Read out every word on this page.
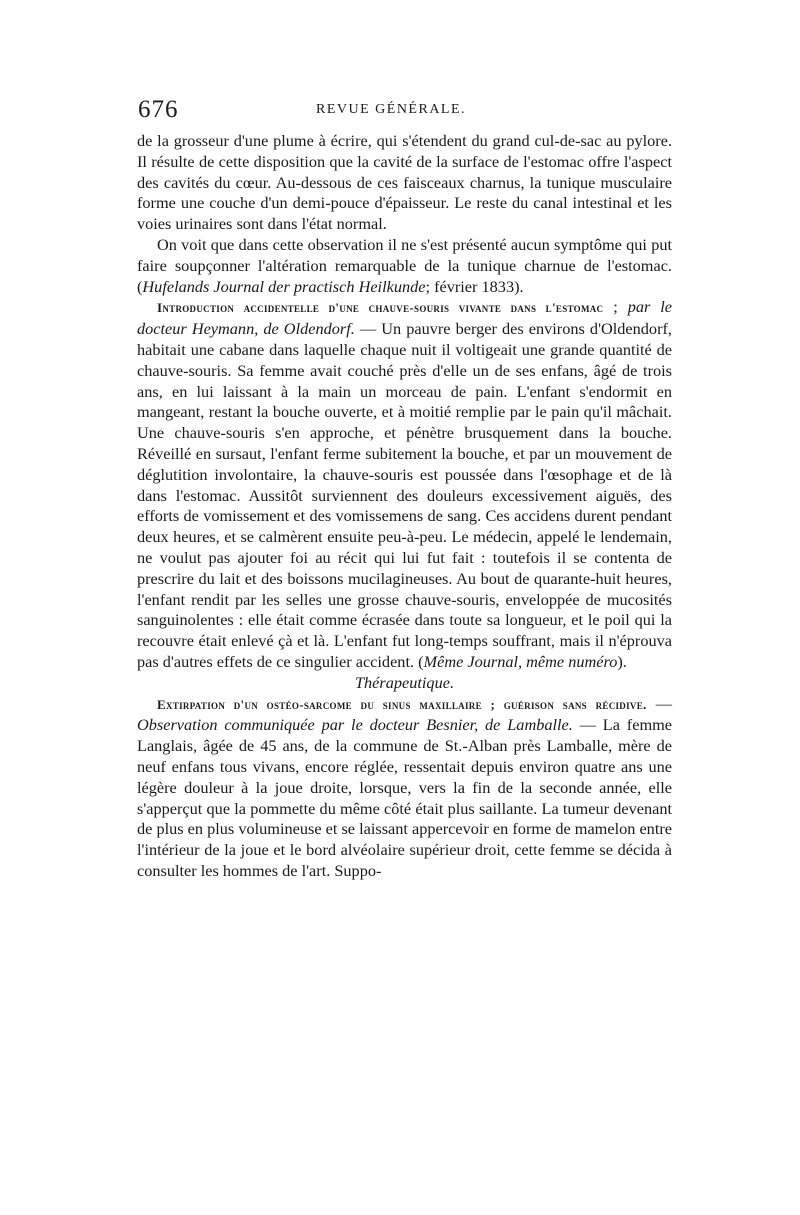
676	REVUE GÉNÉRALE.

de la grosseur d'une plume à écrire, qui s'étendent du grand cul-de-sac au pylore. Il résulte de cette disposition que la cavité de la surface de l'estomac offre l'aspect des cavités du cœur. Au-dessous de ces faisceaux charnus, la tunique musculaire forme une couche d'un demi-pouce d'épaisseur. Le reste du canal intestinal et les voies urinaires sont dans l'état normal.

On voit que dans cette observation il ne s'est présenté aucun symptôme qui put faire soupçonner l'altération remarquable de la tunique charnue de l'estomac. (Hufelands Journal der practisch Heilkunde; février 1833).

Introduction accidentelle d'une chauve-souris vivante dans l'estomac ; par le docteur Heymann, de Oldendorf. — Un pauvre berger des environs d'Oldendorf, habitait une cabane dans laquelle chaque nuit il voltigeait une grande quantité de chauve-souris. Sa femme avait couché près d'elle un de ses enfans, âgé de trois ans, en lui laissant à la main un morceau de pain. L'enfant s'endormit en mangeant, restant la bouche ouverte, et à moitié remplie par le pain qu'il mâchait. Une chauve-souris s'en approche, et pénètre brusquement dans la bouche. Réveillé en sursaut, l'enfant ferme subitement la bouche, et par un mouvement de déglutition involontaire, la chauve-souris est poussée dans l'œsophage et de là dans l'estomac. Aussitôt surviennent des douleurs excessivement aiguës, des efforts de vomissement et des vomissemens de sang. Ces accidens durent pendant deux heures, et se calmèrent ensuite peu-à-peu. Le médecin, appelé le lendemain, ne voulut pas ajouter foi au récit qui lui fut fait : toutefois il se contenta de prescrire du lait et des boissons mucilagineuses. Au bout de quarante-huit heures, l'enfant rendit par les selles une grosse chauve-souris, enveloppée de mucosités sanguinolentes : elle était comme écrasée dans toute sa longueur, et le poil qui la recouvre était enlevé çà et là. L'enfant fut long-temps souffrant, mais il n'éprouva pas d'autres effets de ce singulier accident. (Même Journal, même numéro).

Thérapeutique.

Extirpation d'un ostéo-sarcome du sinus maxillaire ; guérison sans récidive. — Observation communiquée par le docteur Besnier, de Lamballe. — La femme Langlais, âgée de 45 ans, de la commune de St.-Alban près Lamballe, mère de neuf enfans tous vivans, encore réglée, ressentait depuis environ quatre ans une légère douleur à la joue droite, lorsque, vers la fin de la seconde année, elle s'apperçut que la pommette du même côté était plus saillante. La tumeur devenant de plus en plus volumineuse et se laissant appercevoir en forme de mamelon entre l'intérieur de la joue et le bord alvéolaire supérieur droit, cette femme se décida à consulter les hommes de l'art. Suppo-
